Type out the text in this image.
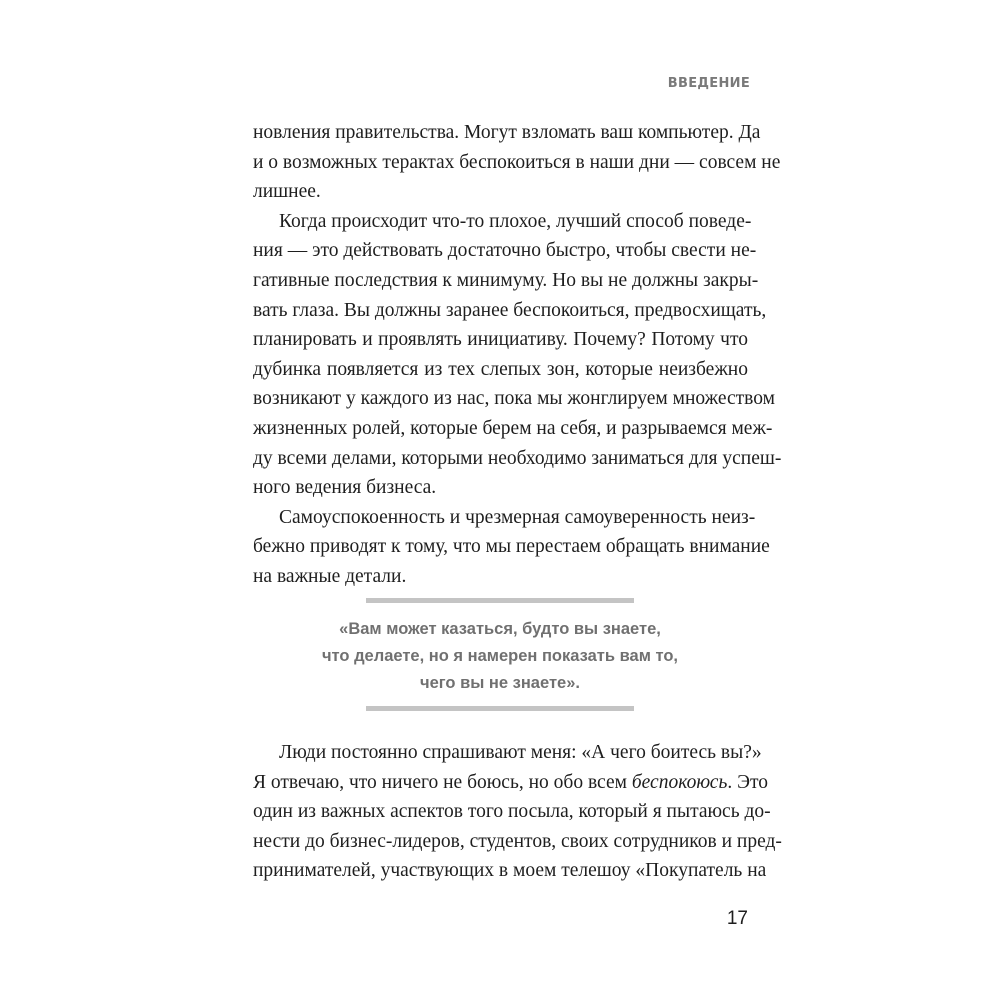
ВВЕДЕНИЕ

новления правительства. Могут взломать ваш компьютер. Да
и о возможных терактах беспокоиться в наши дни — совсем не
лишнее.

Когда происходит что-то плохое, лучший способ поведе-
ния — это действовать достаточно быстро, чтобы свести не-
гативные последствия к минимуму. Но вы не должны закры-
вать глаза. Вы должны заранее беспокоиться, предвосхищать,
планировать и проявлять инициативу. Почему? Потому что
дубинка появляется из тех слепых зон, которые неизбежно
возникают у каждого из нас, пока мы жонглируем множеством
жизненных ролей, которые берем на себя, и разрываемся меж-
ду всеми делами, которыми необходимо заниматься для успеш-
ного ведения бизнеса.

Самоуспокоенность и чрезмерная самоуверенность неиз-
бежно приводят к тому, что мы перестаем обращать внимание
на важные детали.

«Вам может казаться, будто вы знаете,
что делаете, но я намерен показать вам то,
чего вы не знаете».

Люди постоянно спрашивают меня: «А чего боитесь вы?»
Я отвечаю, что ничего не боюсь, но обо всем беспокоюсь. Это
один из важных аспектов того посыла, который я пытаюсь до-
нести до бизнес-лидеров, студентов, своих сотрудников и пред-
принимателей, участвующих в моем телешоу «Покупатель на

17
